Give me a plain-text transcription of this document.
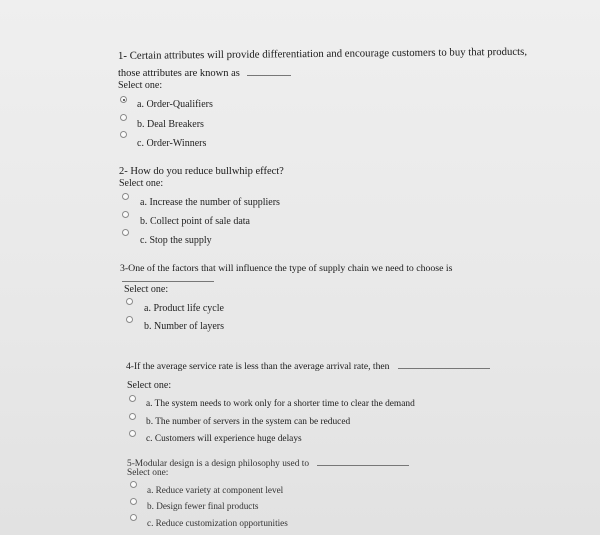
1- Certain attributes will provide differentiation and encourage customers to buy that products,
those attributes are known as
Select one:
a. Order-Qualifiers
b. Deal Breakers
c. Order-Winners
2- How do you reduce bullwhip effect?
Select one:
a. Increase the number of suppliers
b. Collect point of sale data
c. Stop the supply
3-One of the factors that will influence the type of supply chain we need to choose is
Select one:
a. Product life cycle
b. Number of layers
4-If the average service rate is less than the average arrival rate, then
Select one:
a. The system needs to work only for a shorter time to clear the demand
b. The number of servers in the system can be reduced
c. Customers will experience huge delays
5-Modular design is a design philosophy used to
Select one:
a. Reduce variety at component level
b. Design fewer final products
c. Reduce customization opportunities
